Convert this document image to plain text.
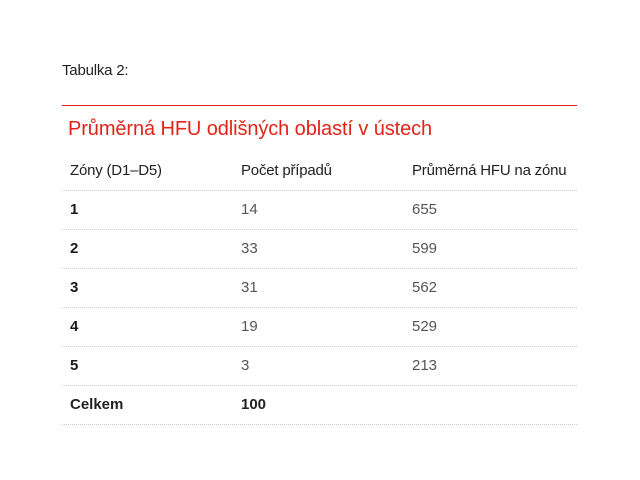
Tabulka 2:
Průměrná HFU odlišných oblastí v ústech
Zóny (D1–D5)	Počet případů	Průměrná HFU na zónu
1	14	655
2	33	599
3	31	562
4	19	529
5	3	213
Celkem	100
